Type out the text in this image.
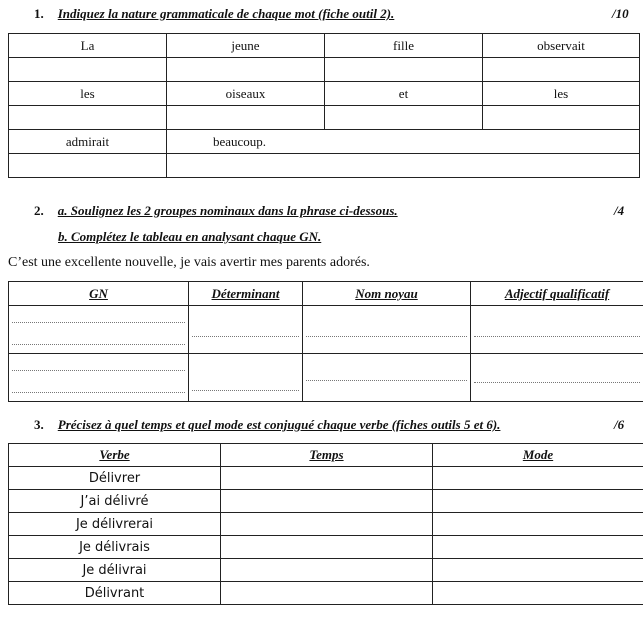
1. Indiquez la nature grammaticale de chaque mot (fiche outil 2).	/10
La	jeune	fille	observait

les	oiseaux	et	les

admirait	beaucoup.		

2. a. Soulignez les 2 groupes nominaux dans la phrase ci-dessous.	/4
b. Complétez le tableau en analysant chaque GN.
C’est une excellente nouvelle, je vais avertir mes parents adorés.
GN	Déterminant	Nom noyau	Adjectif qualificatif

3. Précisez à quel temps et quel mode est conjugué chaque verbe (fiches outils 5 et 6).	/6
Verbe	Temps	Mode
Délivrer		
J’ai délivré		
Je délivrerai		
Je délivrais		
Je délivrai		
Délivrant		
